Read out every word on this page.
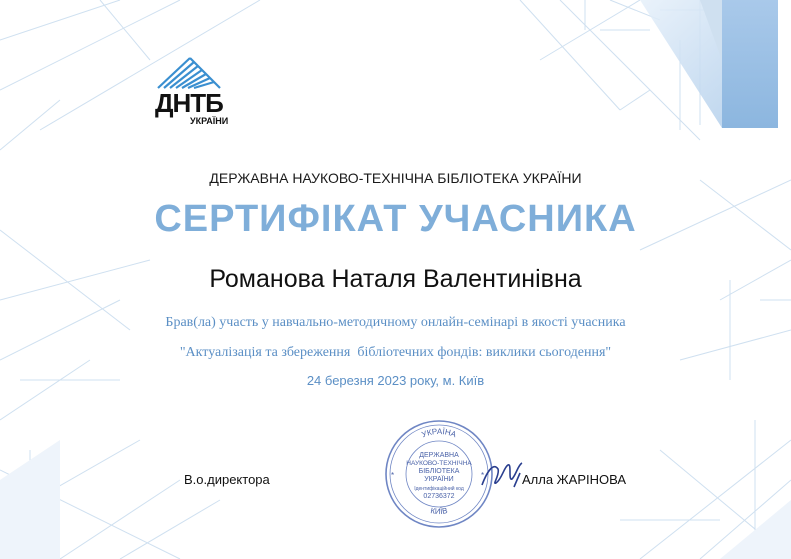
ДНТБ
УКРАЇНИ
ДЕРЖАВНА НАУКОВО-ТЕХНІЧНА БІБЛІОТЕКА УКРАЇНИ
СЕРТИФІКАТ УЧАСНИКА
Романова Наталя Валентинівна
Брав(ла) участь у навчально-методичному онлайн-семінарі в якості учасника
"Актуалізація та збереження  бібліотечних фондів: виклики сьогодення"
24 березня 2023 року, м. Київ
В.о.директора
УКРАЇНА
КИЇВ
ДЕРЖАВНА
НАУКОВО-ТЕХНІЧНА
БІБЛІОТЕКА
УКРАЇНИ
Ідентифікаційний код
02736372
*	*	Алла ЖАРІНОВА
